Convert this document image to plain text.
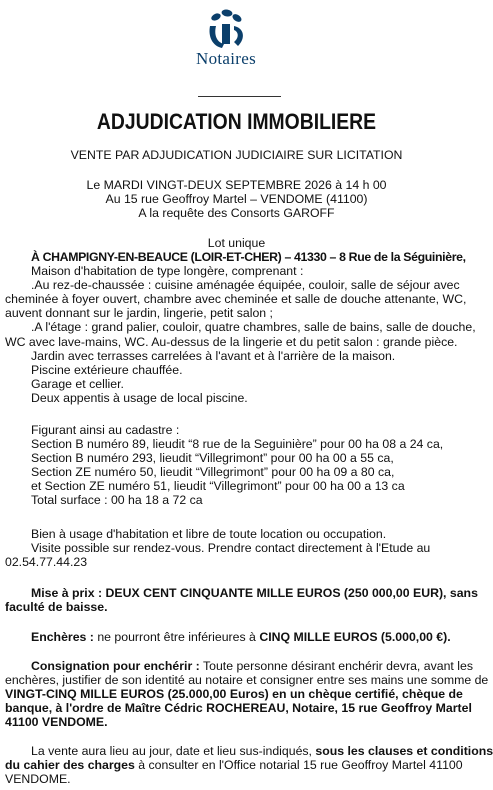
Notaires
ADJUDICATION IMMOBILIERE
VENTE PAR ADJUDICATION JUDICIAIRE SUR LICITATION
Le MARDI VINGT-DEUX SEPTEMBRE 2026 à 14 h 00
Au 15 rue Geoffroy Martel – VENDOME (41100)
A la requête des Consorts GAROFF
Lot unique
À CHAMPIGNY-EN-BEAUCE (LOIR-ET-CHER) – 41330 – 8 Rue de la Séguinière,
Maison d'habitation de type longère, comprenant :
.Au rez-de-chaussée : cuisine aménagée équipée, couloir, salle de séjour avec
cheminée à foyer ouvert, chambre avec cheminée et salle de douche attenante, WC,
auvent donnant sur le jardin, lingerie, petit salon ;
.A l'étage : grand palier, couloir, quatre chambres, salle de bains, salle de douche,
WC avec lave-mains, WC. Au-dessus de la lingerie et du petit salon : grande pièce.
Jardin avec terrasses carrelées à l'avant et à l'arrière de la maison.
Piscine extérieure chauffée.
Garage et cellier.
Deux appentis à usage de local piscine.
Figurant ainsi au cadastre :
Section B numéro 89, lieudit “8 rue de la Seguinière” pour 00 ha 08 a 24 ca,
Section B numéro 293, lieudit “Villegrimont” pour 00 ha 00 a 55 ca,
Section ZE numéro 50, lieudit “Villegrimont” pour 00 ha 09 a 80 ca,
et Section ZE numéro 51, lieudit “Villegrimont” pour 00 ha 00 a 13 ca
Total surface : 00 ha 18 a 72 ca
Bien à usage d'habitation et libre de toute location ou occupation.
Visite possible sur rendez-vous. Prendre contact directement à l'Etude au
02.54.77.44.23
Mise à prix : DEUX CENT CINQUANTE MILLE EUROS (250 000,00 EUR), sans
faculté de baisse.
Enchères : ne pourront être inférieures à CINQ MILLE EUROS (5.000,00 €).
Consignation pour enchérir : Toute personne désirant enchérir devra, avant les
enchères, justifier de son identité au notaire et consigner entre ses mains une somme de
VINGT-CINQ MILLE EUROS (25.000,00 Euros) en un chèque certifié, chèque de
banque, à l'ordre de Maître Cédric ROCHEREAU, Notaire, 15 rue Geoffroy Martel
41100 VENDOME.
La vente aura lieu au jour, date et lieu sus-indiqués, sous les clauses et conditions
du cahier des charges à consulter en l'Office notarial 15 rue Geoffroy Martel 41100
VENDOME.
